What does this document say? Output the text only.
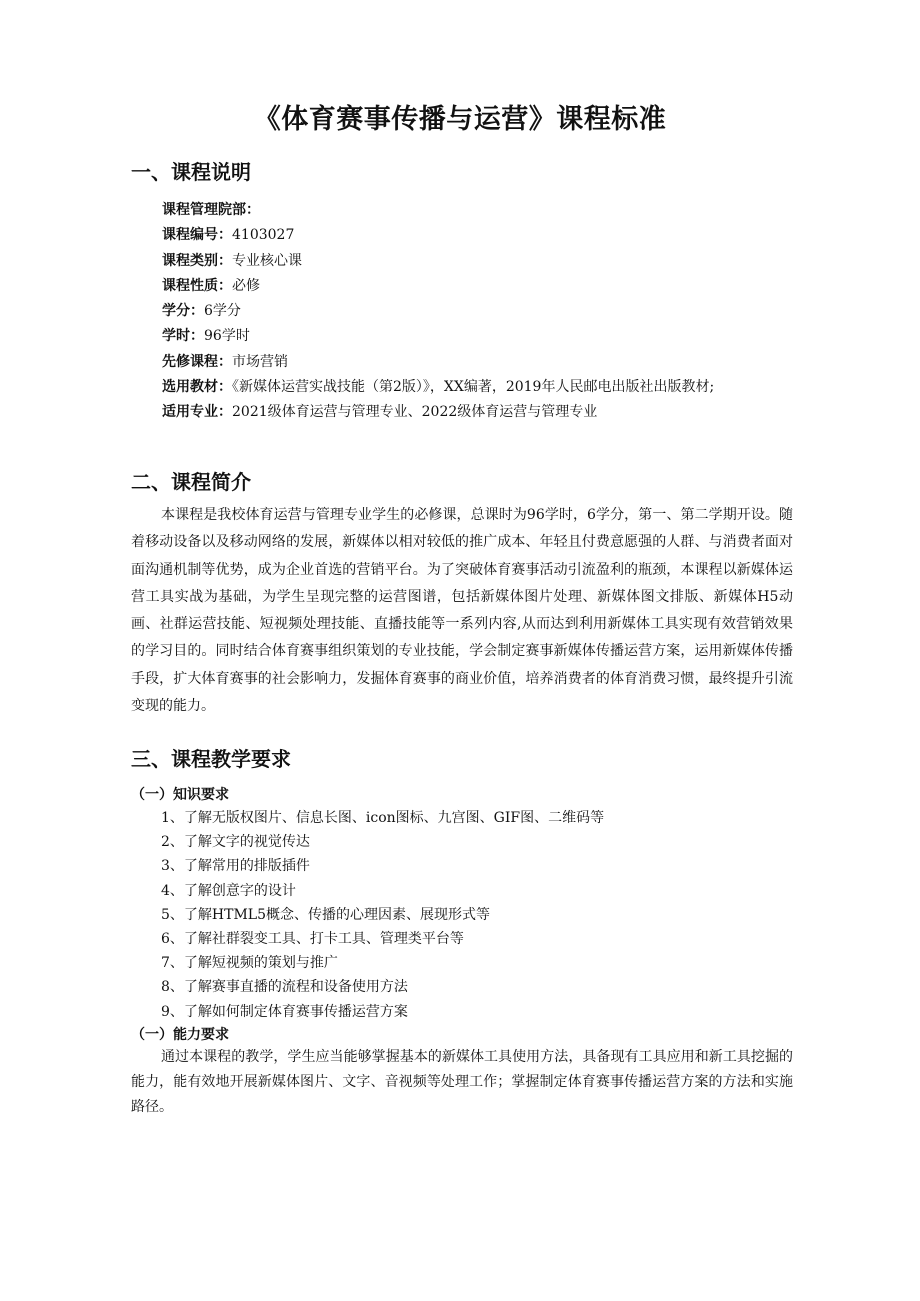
《体育赛事传播与运营》课程标准
一、课程说明
课程管理院部：
课程编号：4103027
课程类别：专业核心课
课程性质：必修
学分：6学分
学时：96学时
先修课程：市场营销
选用教材：《新媒体运营实战技能（第2版）》，XX编著，2019年人民邮电出版社出版教材;
适用专业：2021级体育运营与管理专业、2022级体育运营与管理专业
二、课程简介

本课程是我校体育运营与管理专业学生的必修课，总课时为96学时，6学分，第一、第二学期开设。随着移动设备以及移动网络的发展，新媒体以相对较低的推广成本、年轻且付费意愿强的人群、与消费者面对面沟通机制等优势，成为企业首选的营销平台。为了突破体育赛事活动引流盈利的瓶颈，本课程以新媒体运营工具实战为基础，为学生呈现完整的运营图谱，包括新媒体图片处理、新媒体图文排版、新媒体H5动画、社群运营技能、短视频处理技能、直播技能等一系列内容,从而达到利用新媒体工具实现有效营销效果的学习目的。同时结合体育赛事组织策划的专业技能，学会制定赛事新媒体传播运营方案，运用新媒体传播手段，扩大体育赛事的社会影响力，发掘体育赛事的商业价值，培养消费者的体育消费习惯，最终提升引流变现的能力。

三、课程教学要求
（一）知识要求
1、了解无版权图片、信息长图、icon图标、九宫图、GIF图、二维码等
2、了解文字的视觉传达
3、了解常用的排版插件
4、了解创意字的设计
5、了解HTML5概念、传播的心理因素、展现形式等
6、了解社群裂变工具、打卡工具、管理类平台等
7、了解短视频的策划与推广
8、了解赛事直播的流程和设备使用方法
9、了解如何制定体育赛事传播运营方案
（一）能力要求

通过本课程的教学，学生应当能够掌握基本的新媒体工具使用方法，具备现有工具应用和新工具挖掘的能力，能有效地开展新媒体图片、文字、音视频等处理工作；掌握制定体育赛事传播运营方案的方法和实施路径。
